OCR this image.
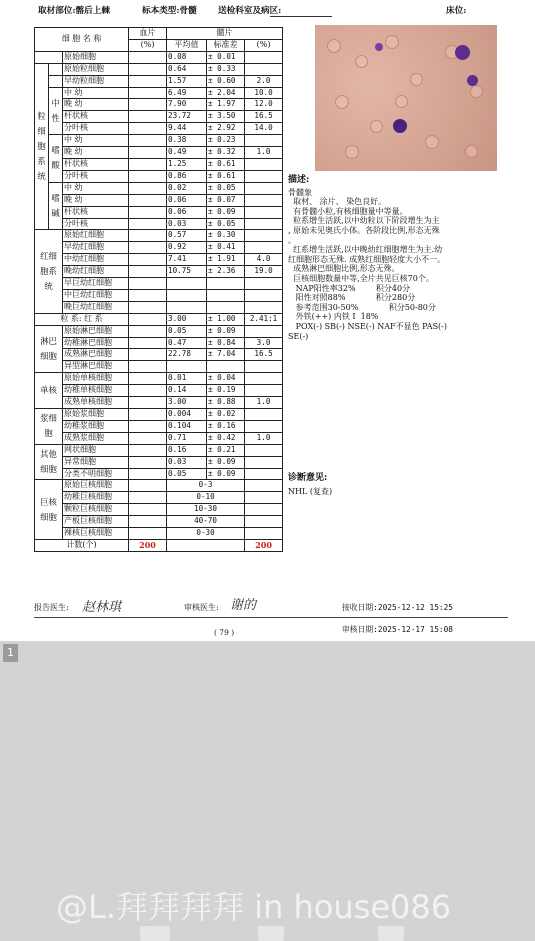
取材部位:髂后上棘	标本类型:骨髓 送检科室及病区:	床位:
细 胞 名 称			血片	髓片		
			(%)	平均值	标准差	(%)
		原始细胞		0.08	± 0.01	
粒细胞系统		原始粒细胞		0.64	± 0.33	
		早幼粒细胞		1.57	± 0.60	2.0
	中性	中 幼		6.49	± 2.04	10.0
		晚 幼		7.90	± 1.97	12.0
		杆状核		23.72	± 3.50	16.5
		分叶核		9.44	± 2.92	14.0
	嗜酸	中 幼		0.38	± 0.23	
		晚 幼		0.49	± 0.32	1.0
		杆状核		1.25	± 0.61	
		分叶核		0.86	± 0.61	
	嗜碱	中 幼		0.02	± 0.05	
		晚 幼		0.06	± 0.07	
		杆状核		0.06	± 0.09	
		分叶核		0.03	± 0.05	
红细胞系统		原始红细胞		0.57	± 0.30	
		早幼红细胞		0.92	± 0.41	
		中幼红细胞		7.41	± 1.91	4.0
		晚幼红细胞		10.75	± 2.36	19.0
		早巨幼红细胞				
		中巨幼红细胞				
		晚巨幼红细胞				
粒 系: 红 系				3.00	± 1.00	2.41:1
淋巴细胞		原始淋巴细胞		0.05	± 0.09	
		幼稚淋巴细胞		0.47	± 0.84	3.0
		成熟淋巴细胞		22.78	± 7.04	16.5
		异型淋巴细胞				
单核		原始单核细胞		0.01	± 0.04	
		幼稚单核细胞		0.14	± 0.19	
		成熟单核细胞		3.00	± 0.88	1.0
浆细胞		原始浆细胞		0.004	± 0.02	
		幼稚浆细胞		0.104	± 0.16	
		成熟浆细胞		0.71	± 0.42	1.0
其他细胞		网状细胞		0.16	± 0.21	
		异常细胞		0.03	± 0.09	
		分类不明细胞		0.05	± 0.09	
巨核细胞		原始巨核细胞		0-3		
		幼稚巨核细胞		0-10		
		颗粒巨核细胞		10-30		
		产板巨核细胞		40-70		
		裸核巨核细胞		0-30		
计数(个)			200			200
描述:

骨髓象
取材、 涂片、 染色良好。
有骨髓小粒,有核细胞量中等量。
粒系增生活跃,以中幼粒以下阶段增生为主
, 原始未见奥氏小体。各阶段比例,形态无殊
。
红系增生活跃,以中晚幼红细胞增生为主.幼
红细胞形态无殊. 成熟红细胞轻度大小不一。
成熟淋巴细胞比例,形态无殊。
巨核细胞数量中等,全片共见巨核70个。
NAP阳性率32%        积分40分
阳性对照88%            积分280分
参考范围30-50%            积分50-80分
外铁(++) 内铁 I  18%
POX(-) SB(-) NSE(-) NAF不显色 PAS(-)
SE(-)

诊断意见:
NHL (复查)
报告医生: 赵林琪	审核医生: 谢的	接收日期:2025-12-12 15:25
( 79 )	审核日期:2025-12-17 15:08
1
@L.拜拜拜拜 in house086
